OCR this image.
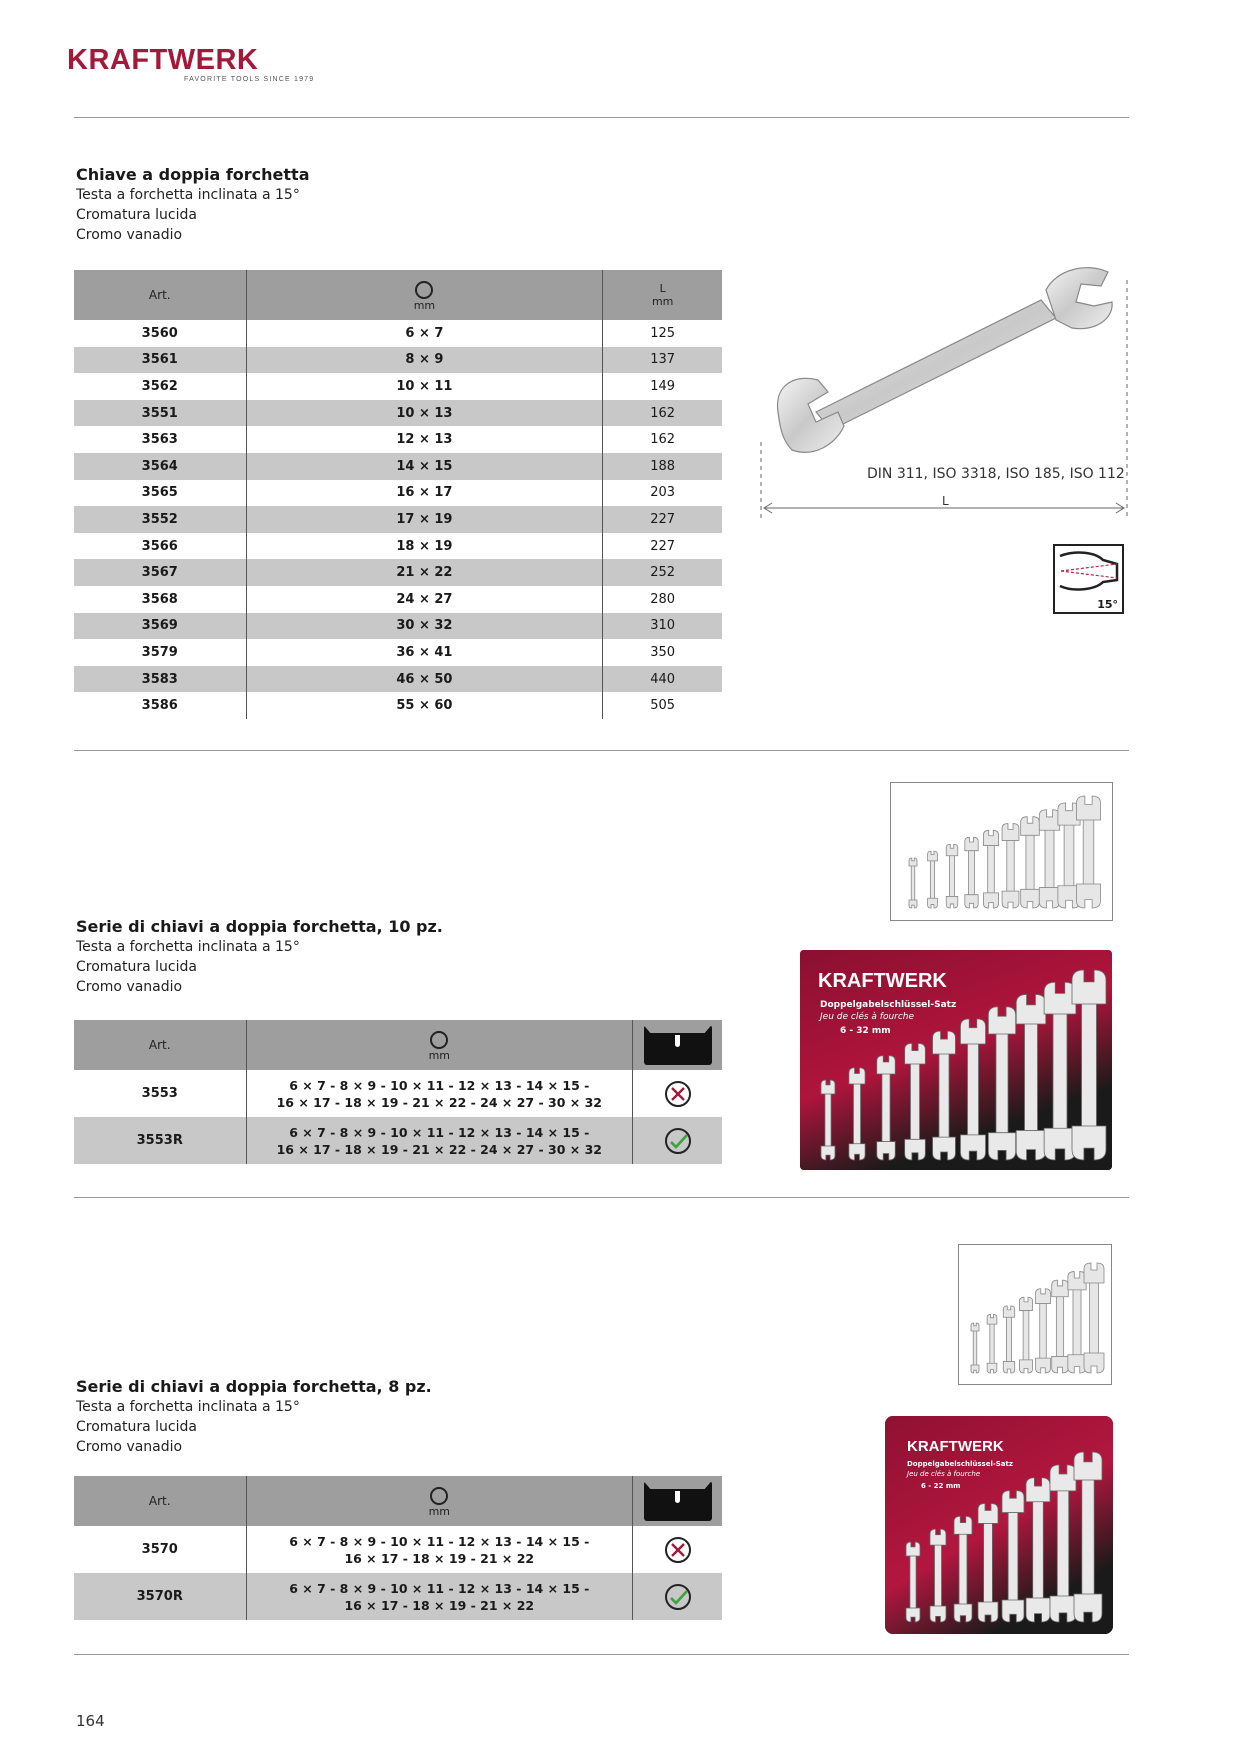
KRAFTWERK
FAVORITE TOOLS SINCE 1979
Chiave a doppia forchetta
Testa a forchetta inclinata a 15°
Cromatura lucida
Cromo vanadio
Art.	mm	L
mm

3560	6 × 7	125
3561	8 × 9	137
3562	10 × 11	149
3551	10 × 13	162
3563	12 × 13	162
3564	14 × 15	188
3565	16 × 17	203
3552	17 × 19	227
3566	18 × 19	227
3567	21 × 22	252
3568	24 × 27	280
3569	30 × 32	310
3579	36 × 41	350
3583	46 × 50	440
3586	55 × 60	505
DIN 311, ISO 3318, ISO 185, ISO 112
L
15°
Serie di chiavi a doppia forchetta, 10 pz.
Testa a forchetta inclinata a 15°
Cromatura lucida
Cromo vanadio	KRAFTWERK
Doppelgabelschlüssel-Satz
Jeu de clés à fourche
6 - 32 mm
Art.	mm	

3553	6 × 7 - 8 × 9 - 10 × 11 - 12 × 13 - 14 × 15 -
16 × 17 - 18 × 19 - 21 × 22 - 24 × 27 - 30 × 32

3553R	6 × 7 - 8 × 9 - 10 × 11 - 12 × 13 - 14 × 15 -
16 × 17 - 18 × 19 - 21 × 22 - 24 × 27 - 30 × 32

Serie di chiavi a doppia forchetta, 8 pz.
Testa a forchetta inclinata a 15°
Cromatura lucida
Cromo vanadio	KRAFTWERK
Doppelgabelschlüssel-Satz
Jeu de clés à fourche
6 - 22 mm
Art.	mm	

3570	6 × 7 - 8 × 9 - 10 × 11 - 12 × 13 - 14 × 15 -
16 × 17 - 18 × 19 - 21 × 22

3570R	6 × 7 - 8 × 9 - 10 × 11 - 12 × 13 - 14 × 15 -
16 × 17 - 18 × 19 - 21 × 22

164
